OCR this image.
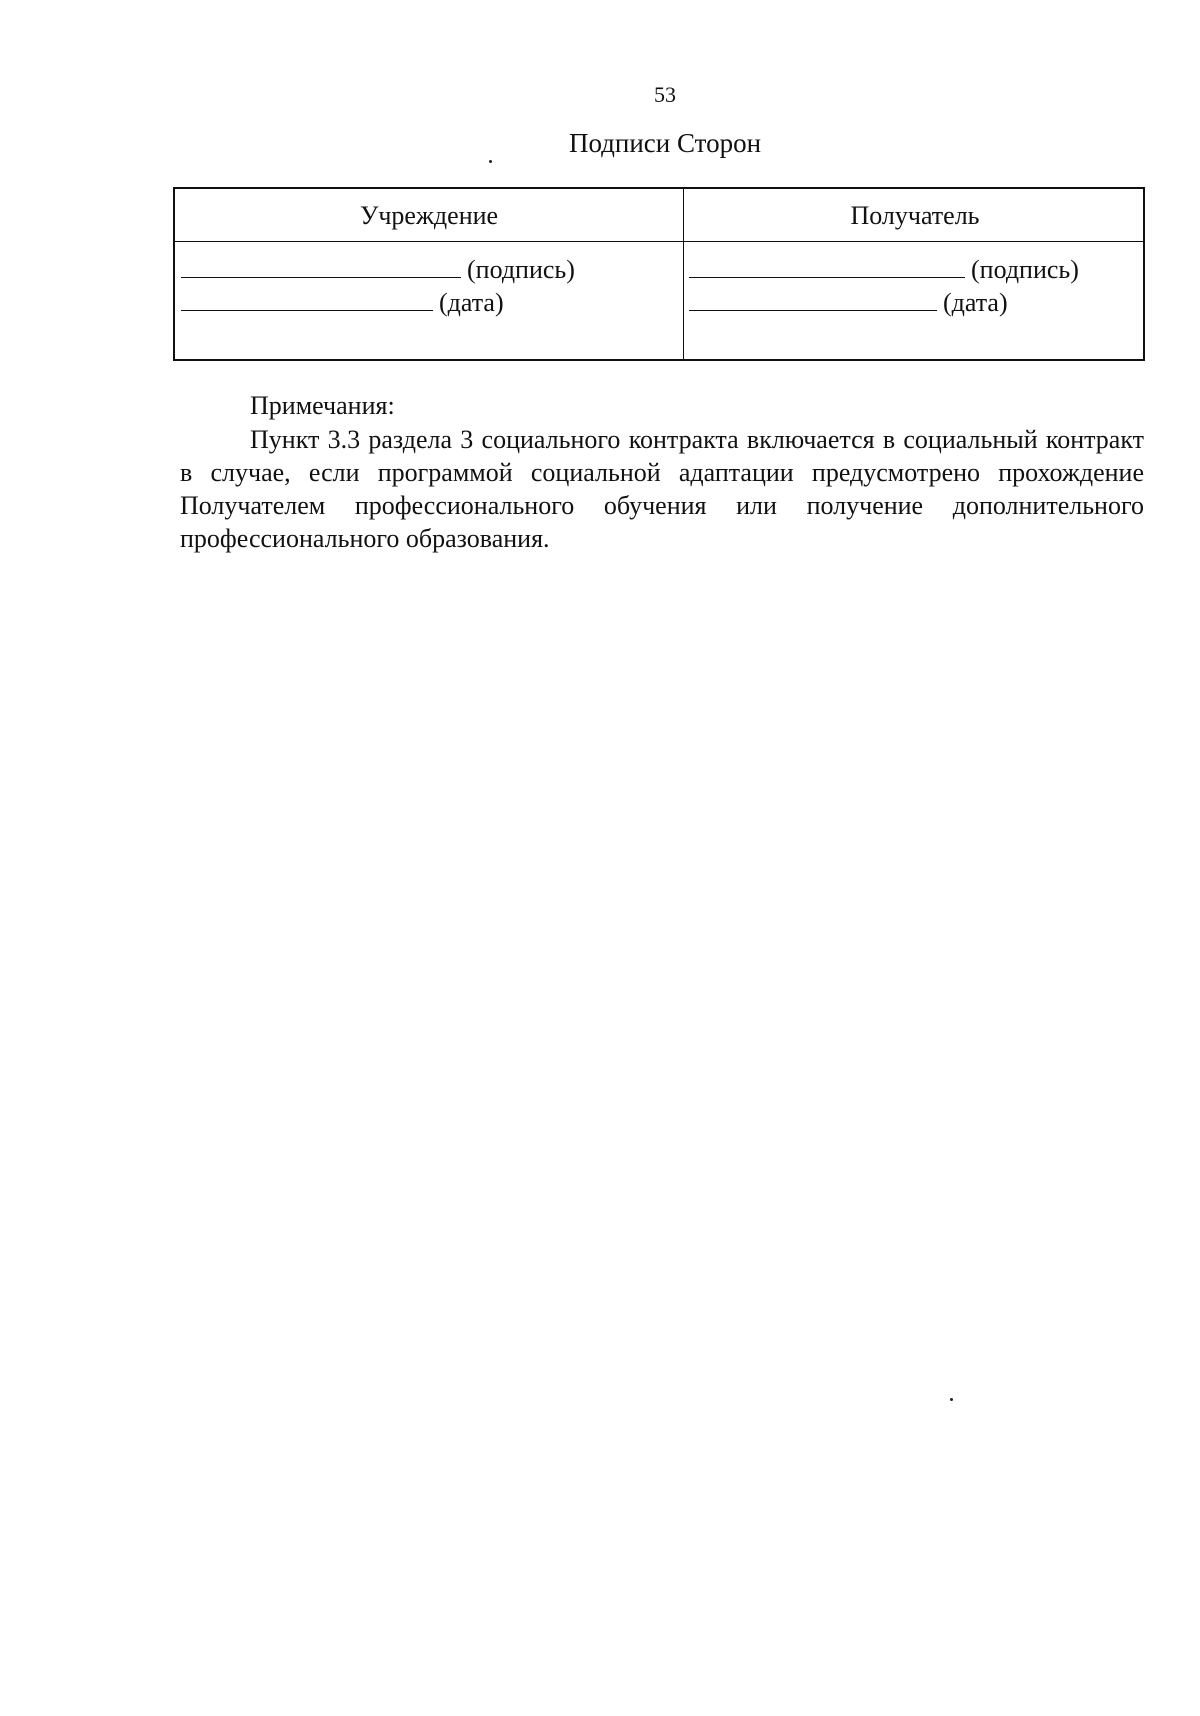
53
Подписи Сторон
Учреждение	Получатель
(подпись)
(дата)
(подпись)
(дата)
Примечания:
Пункт 3.3 раздела 3 социального контракта включается в социальный контракт в случае, если программой социальной адаптации предусмотрено прохождение Получателем профессионального обучения или получение дополнительного профессионального образования.
